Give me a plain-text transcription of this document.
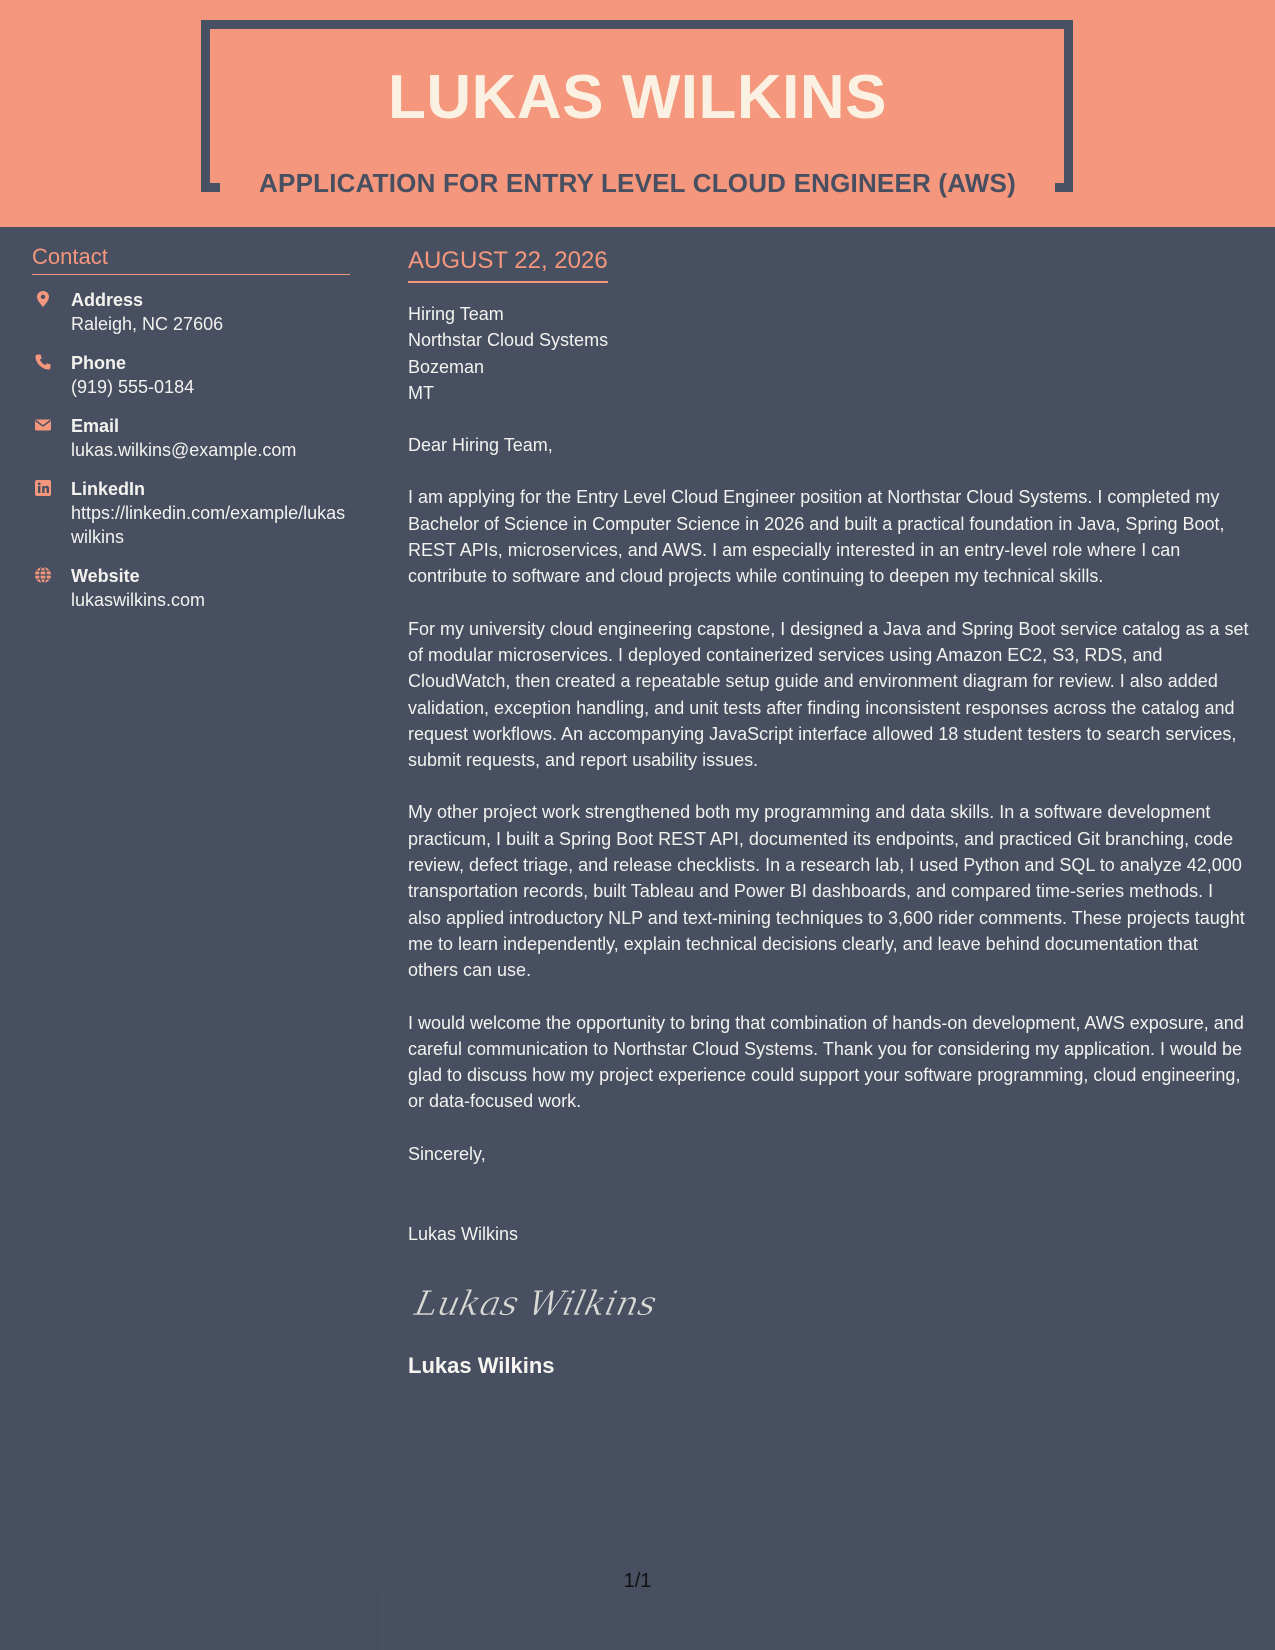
LUKAS WILKINS
APPLICATION FOR ENTRY LEVEL CLOUD ENGINEER (AWS)
Contact
Address
Raleigh, NC 27606
Phone
(919) 555-0184
Email
lukas.wilkins@example.com
LinkedIn
https://linkedin.com/example/lukaswilkins
Website
lukaswilkins.com
AUGUST 22, 2026
Hiring Team
Northstar Cloud Systems
Bozeman
MT

Dear Hiring Team,

I am applying for the Entry Level Cloud Engineer position at Northstar Cloud Systems. I completed my Bachelor of Science in Computer Science in 2026 and built a practical foundation in Java, Spring Boot, REST APIs, microservices, and AWS. I am especially interested in an entry-level role where I can contribute to software and cloud projects while continuing to deepen my technical skills.

For my university cloud engineering capstone, I designed a Java and Spring Boot service catalog as a set of modular microservices. I deployed containerized services using Amazon EC2, S3, RDS, and CloudWatch, then created a repeatable setup guide and environment diagram for review. I also added validation, exception handling, and unit tests after finding inconsistent responses across the catalog and request workflows. An accompanying JavaScript interface allowed 18 student testers to search services, submit requests, and report usability issues.

My other project work strengthened both my programming and data skills. In a software development practicum, I built a Spring Boot REST API, documented its endpoints, and practiced Git branching, code review, defect triage, and release checklists. In a research lab, I used Python and SQL to analyze 42,000 transportation records, built Tableau and Power BI dashboards, and compared time-series methods. I also applied introductory NLP and text-mining techniques to 3,600 rider comments. These projects taught me to learn independently, explain technical decisions clearly, and leave behind documentation that others can use.

I would welcome the opportunity to bring that combination of hands-on development, AWS exposure, and careful communication to Northstar Cloud Systems. Thank you for considering my application. I would be glad to discuss how my project experience could support your software programming, cloud engineering, or data-focused work.

Sincerely,

Lukas Wilkins

Lukas Wilkins
Lukas Wilkins
1/1
